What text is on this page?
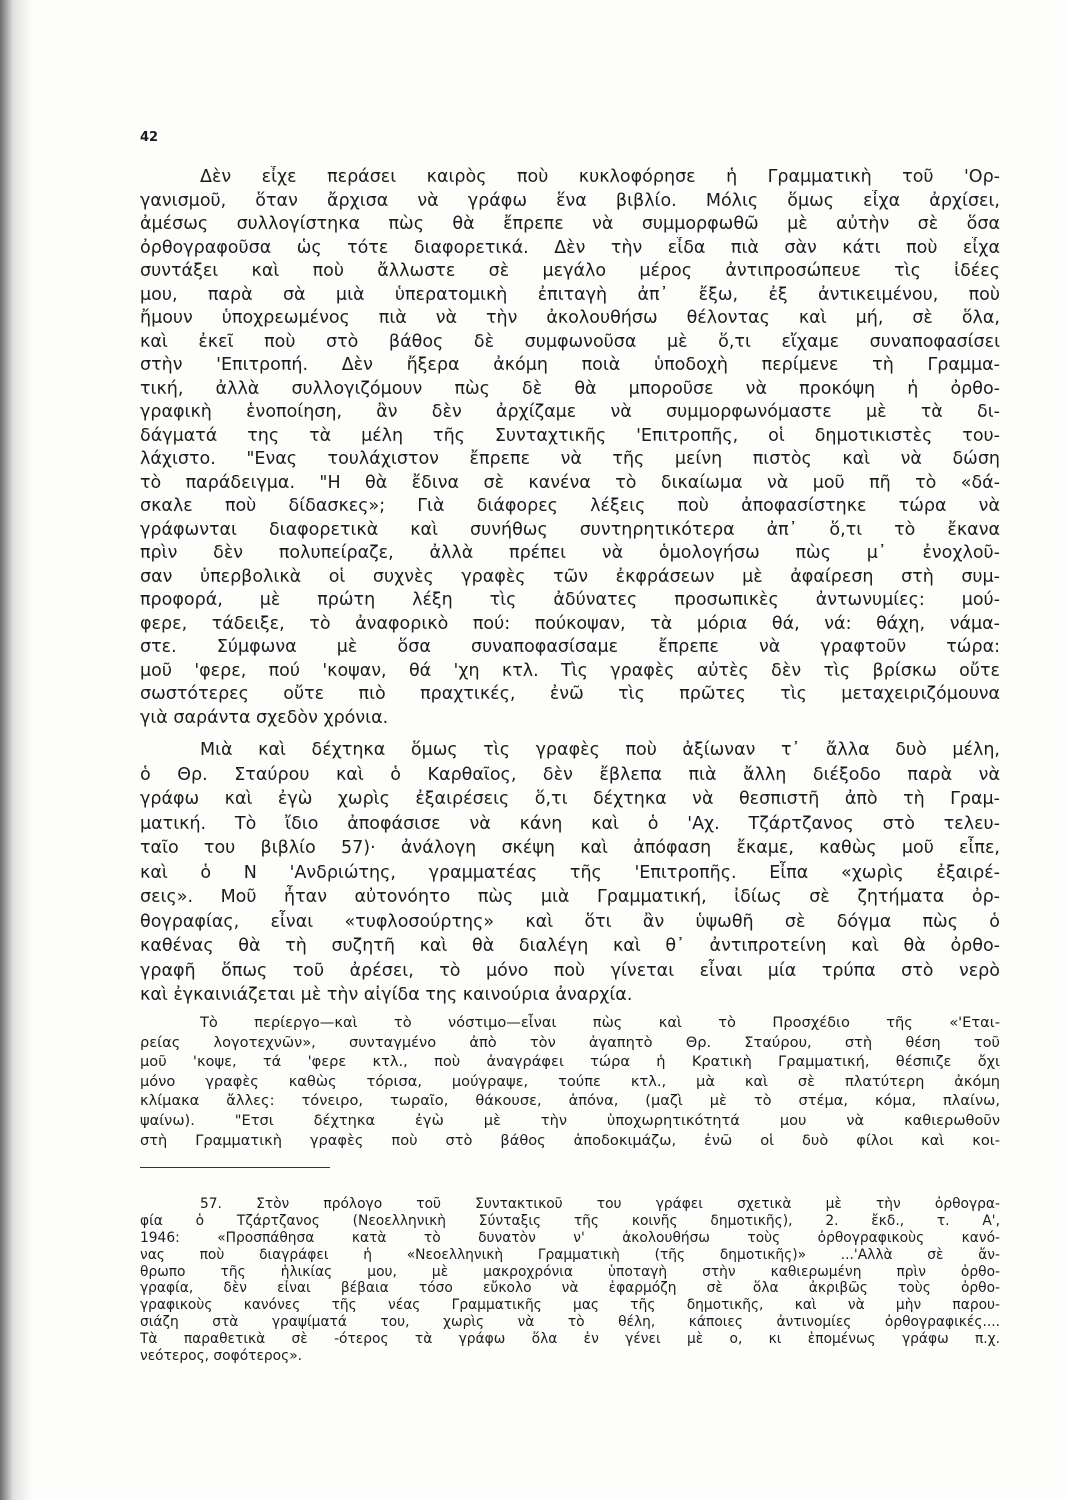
42
Δὲν εἶχε περάσει καιρὸς ποὺ κυκλοφόρησε ἡ Γραμματικὴ τοῦ 'Ορ-
γανισμοῦ, ὅταν ἄρχισα νὰ γράφω ἕνα βιβλίο. Μόλις ὅμως εἶχα ἀρχίσει,
ἀμέσως συλλογίστηκα πὼς θὰ ἔπρεπε νὰ συμμορφωθῶ μὲ αὐτὴν σὲ ὅσα
ὀρθογραφοῦσα ὡς τότε διαφορετικά. Δὲν τὴν εἶδα πιὰ σὰν κάτι ποὺ εἶχα
συντάξει καὶ ποὺ ἄλλωστε σὲ μεγάλο μέρος ἀντιπροσώπευε τὶς ἰδέες
μου, παρὰ σὰ μιὰ ὑπερατομικὴ ἐπιταγὴ ἀπ᾽ ἔξω, ἐξ ἀντικειμένου, ποὺ
ἤμουν ὑποχρεωμένος πιὰ νὰ τὴν ἀκολουθήσω θέλοντας καὶ μή, σὲ ὅλα,
καὶ ἐκεῖ ποὺ στὸ βάθος δὲ συμφωνοῦσα μὲ ὅ,τι εἴχαμε συναποφασίσει
στὴν 'Επιτροπή. Δὲν ἤξερα ἀκόμη ποιὰ ὑποδοχὴ περίμενε τὴ Γραμμα-
τική, ἀλλὰ συλλογιζόμουν πὼς δὲ θὰ μποροῦσε νὰ προκόψη ἡ ὀρθο-
γραφικὴ ἑνοποίηση, ἂν δὲν ἀρχίζαμε νὰ συμμορφωνόμαστε μὲ τὰ δι-
δάγματά της τὰ μέλη τῆς Συνταχτικῆς 'Επιτροπῆς, οἱ δημοτικιστὲς του-
λάχιστο. "Ενας τουλάχιστον ἔπρεπε νὰ τῆς μείνη πιστὸς καὶ νὰ δώση
τὸ παράδειγμα. "Η θὰ ἔδινα σὲ κανένα τὸ δικαίωμα νὰ μοῦ πῆ τὸ «δά-
σκαλε ποὺ δίδασκες»; Γιὰ διάφορες λέξεις ποὺ ἀποφασίστηκε τώρα νὰ
γράφωνται διαφορετικὰ καὶ συνήθως συντηρητικότερα ἀπ᾽ ὅ,τι τὸ ἔκανα
πρὶν δὲν πολυπείραζε, ἀλλὰ πρέπει νὰ ὁμολογήσω πὼς μ᾽ ἐνοχλοῦ-
σαν ὑπερβολικὰ οἱ συχνὲς γραφὲς τῶν ἐκφράσεων μὲ ἀφαίρεση στὴ συμ-
προφορά, μὲ πρώτη λέξη τὶς ἀδύνατες προσωπικὲς ἀντωνυμίες: μού-
φερε, τάδειξε, τὸ ἀναφορικὸ πού: πούκοψαν, τὰ μόρια θά, νά: θάχη, νάμα-
στε. Σύμφωνα μὲ ὅσα συναποφασίσαμε ἔπρεπε νὰ γραφτοῦν τώρα:
μοῦ 'φερε, πού 'κοψαν, θά 'χη κτλ. Τὶς γραφὲς αὐτὲς δὲν τὶς βρίσκω οὔτε
σωστότερες οὔτε πιὸ πραχτικές, ἐνῶ τὶς πρῶτες τὶς μεταχειριζόμουνα
γιὰ σαράντα σχεδὸν χρόνια.
Μιὰ καὶ δέχτηκα ὅμως τὶς γραφὲς ποὺ ἀξίωναν τ᾽ ἄλλα δυὸ μέλη,
ὁ Θρ. Σταύρου καὶ ὁ Καρθαῖος, δὲν ἔβλεπα πιὰ ἄλλη διέξοδο παρὰ νὰ
γράφω καὶ ἐγὼ χωρὶς ἐξαιρέσεις ὅ,τι δέχτηκα νὰ θεσπιστῆ ἀπὸ τὴ Γραμ-
ματική. Τὸ ἴδιο ἀποφάσισε νὰ κάνη καὶ ὁ 'Αχ. Τζάρτζανος στὸ τελευ-
ταῖο του βιβλίο 57)· ἀνάλογη σκέψη καὶ ἀπόφαση ἔκαμε, καθὼς μοῦ εἶπε,
καὶ ὁ Ν 'Ανδριώτης, γραμματέας τῆς 'Επιτροπῆς. Εἶπα «χωρὶς ἐξαιρέ-
σεις». Μοῦ ἦταν αὐτονόητο πὼς μιὰ Γραμματική, ἰδίως σὲ ζητήματα ὀρ-
θογραφίας, εἶναι «τυφλοσούρτης» καὶ ὅτι ἂν ὑψωθῆ σὲ δόγμα πὼς ὁ
καθένας θὰ τὴ συζητῆ καὶ θὰ διαλέγη καὶ θ᾽ ἀντιπροτείνη καὶ θὰ ὀρθο-
γραφῆ ὅπως τοῦ ἀρέσει, τὸ μόνο ποὺ γίνεται εἶναι μία τρύπα στὸ νερὸ
καὶ ἐγκαινιάζεται μὲ τὴν αἰγίδα της καινούρια ἀναρχία.
Τὸ περίεργο—καὶ τὸ νόστιμο—εἶναι πὼς καὶ τὸ Προσχέδιο τῆς «'Εται-
ρείας λογοτεχνῶν», συνταγμένο ἀπὸ τὸν ἀγαπητὸ Θρ. Σταύρου, στὴ θέση τοῦ
μοῦ 'κοψε, τά 'φερε κτλ., ποὺ ἀναγράφει τώρα ἡ Κρατικὴ Γραμματική, θέσπιζε ὄχι
μόνο γραφὲς καθὼς τόρισα, μούγραψε, τούπε κτλ., μὰ καὶ σὲ πλατύτερη ἀκόμη
κλίμακα ἄλλες: τόνειρο, τωραῖο, θάκουσε, ἀπόνα, (μαζὶ μὲ τὸ στέμα, κόμα, πλαίνω,
ψαίνω). "Ετσι δέχτηκα ἐγὼ μὲ τὴν ὑποχωρητικότητά μου νὰ καθιερωθοῦν
στὴ Γραμματικὴ γραφὲς ποὺ στὸ βάθος ἀποδοκιμάζω, ἐνῶ οἱ δυὸ φίλοι καὶ κοι-
57. Στὸν πρόλογο τοῦ Συντακτικοῦ του γράφει σχετικὰ μὲ τὴν ὀρθογρα-
φία ὁ Τζάρτζανος (Νεοελληνικὴ Σύνταξις τῆς κοινῆς δημοτικῆς), 2. ἔκδ., τ. Α',
1946: «Προσπάθησα κατὰ τὸ δυνατὸν ν' ἀκολουθήσω τοὺς ὀρθογραφικοὺς κανό-
νας ποὺ διαγράφει ἡ «Νεοελληνικὴ Γραμματικὴ (τῆς δημοτικῆς)» ...'Αλλὰ σὲ ἄν-
θρωπο τῆς ἡλικίας μου, μὲ μακροχρόνια ὑποταγὴ στὴν καθιερωμένη πρὶν ὀρθο-
γραφία, δὲν εἶναι βέβαια τόσο εὔκολο νὰ ἐφαρμόζη σὲ ὅλα ἀκριβῶς τοὺς ὀρθο-
γραφικοὺς κανόνες τῆς νέας Γραμματικῆς μας τῆς δημοτικῆς, καὶ νὰ μὴν παρου-
σιάζη στὰ γραψίματά του, χωρὶς νὰ τὸ θέλη, κάποιες ἀντινομίες ὀρθογραφικές....
Τὰ παραθετικὰ σὲ -ότερος τὰ γράφω ὅλα ἐν γένει μὲ ο, κι ἑπομένως γράφω π.χ.
νεότερος, σοφότερος».
